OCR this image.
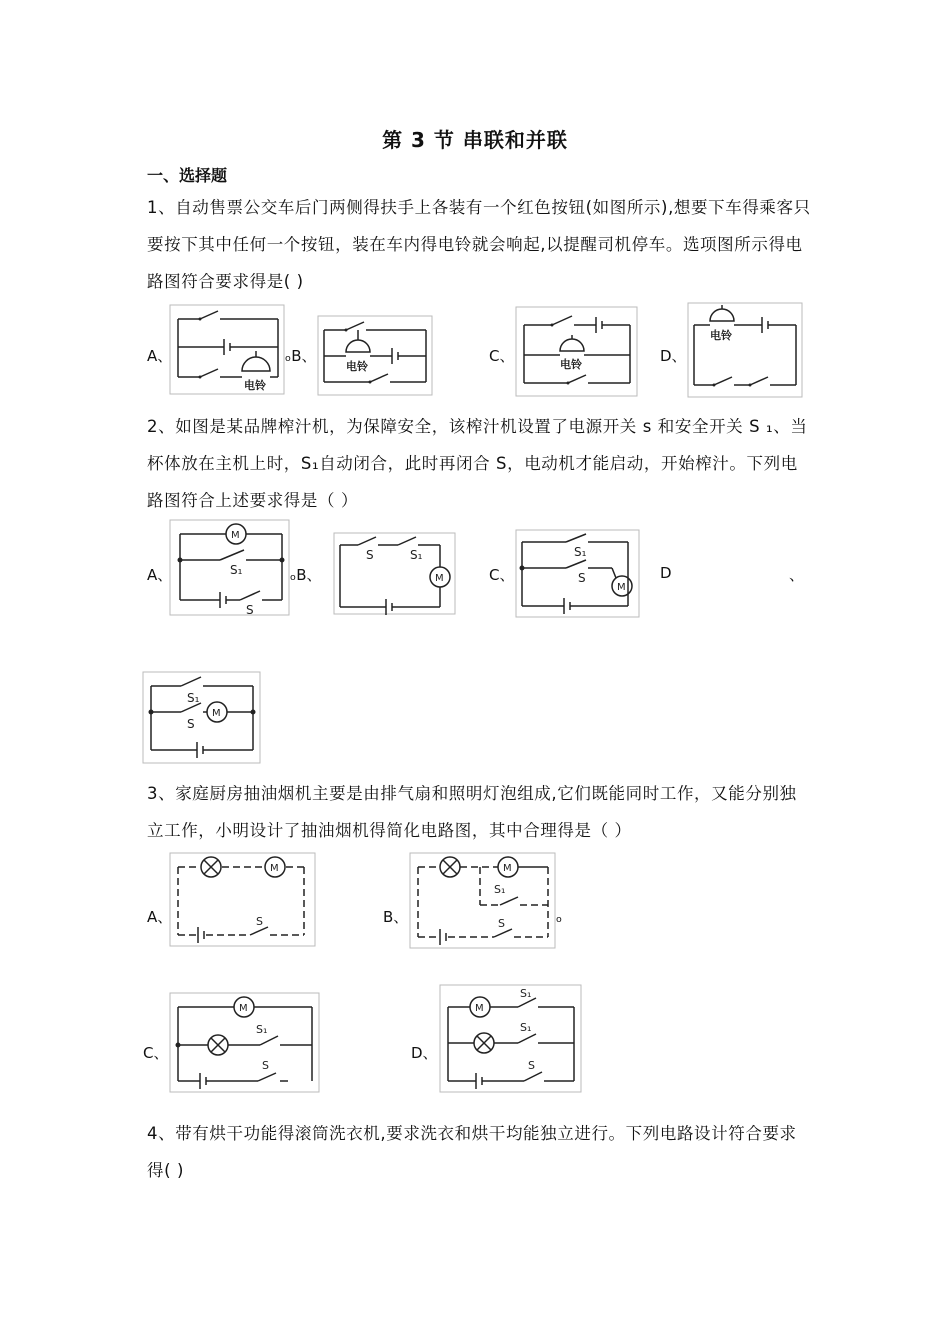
第 3 节 串联和并联
一、选择题
1、自动售票公交车后门两侧得扶手上各装有一个红色按钮(如图所示),想要下车得乘客只要按下其中任何一个按钮，装在车内得电铃就会响起,以提醒司机停车。选项图所示得电路图符合要求得是( )
A、
电铃
ₒB、
电铃
C、	电铃	D、
电铃
2、如图是某品牌榨汁机，为保障安全，该榨汁机设置了电源开关 s 和安全开关 S ₁、当杯体放在主机上时，S₁自动闭合，此时再闭合 S，电动机才能启动，开始榨汁。下列电路图符合上述要求得是（ ）
A、
M
S₁
S
ₒB、
S	S₁
M	C、
S₁
S
M
D	、
S₁
M
S
3、家庭厨房抽油烟机主要是由排气扇和照明灯泡组成,它们既能同时工作，又能分别独立工作，小明设计了抽油烟机得简化电路图，其中合理得是（ ）
A、
M
S	B、	ₒ
M
S₁
S
C、
M
S₁
S
D、
M
S₁
S₁
S
4、带有烘干功能得滚筒洗衣机,要求洗衣和烘干均能独立进行。下列电路设计符合要求得( )
